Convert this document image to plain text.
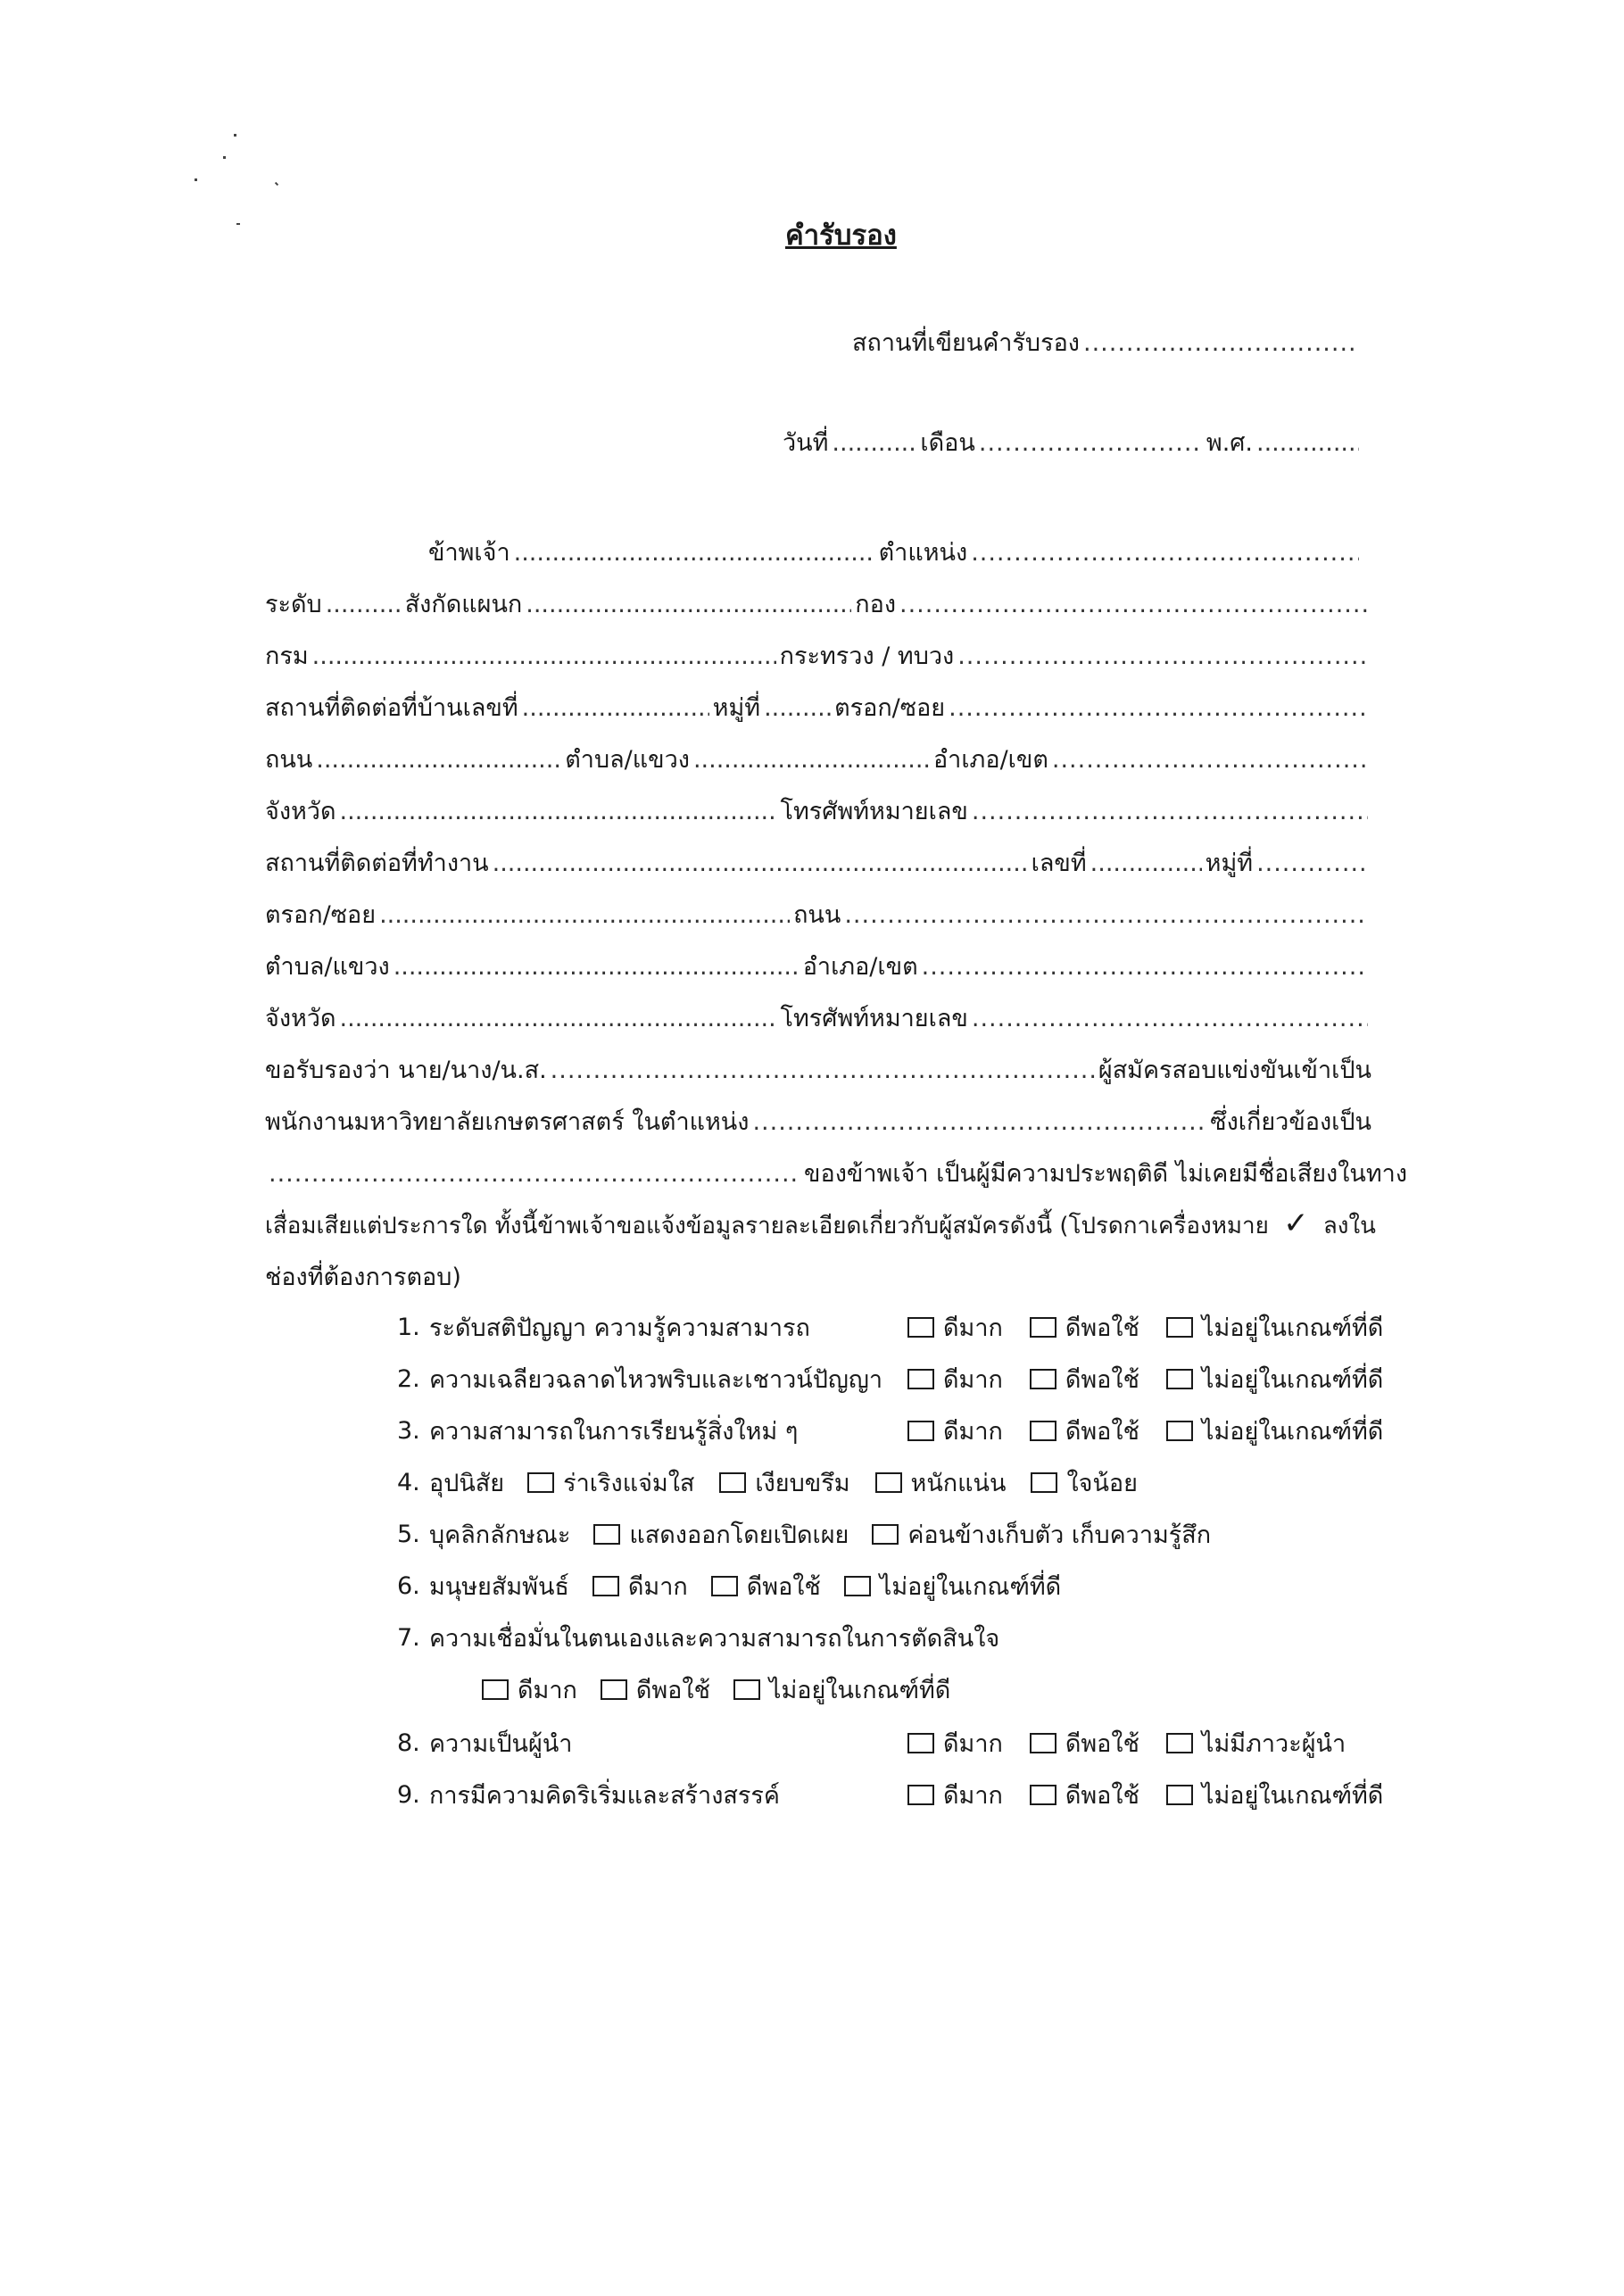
คำรับรอง
สถานที่เขียนคำรับรอง
.....
วันที่ .....	เดือน .....	พ.ศ.
.....
ข้าพเจ้า .....	ตำแหน่ง
.....
ระดับ .....	สังกัดแผนก .....	กอง
.....
กรม .....	กระทรวง / ทบวง
.....
สถานที่ติดต่อที่บ้านเลขที่ .....	หมู่ที่ .....	ตรอก/ซอย
.....
ถนน .....	ตำบล/แขวง .....	อำเภอ/เขต
.....
จังหวัด .....	โทรศัพท์หมายเลข
.....
สถานที่ติดต่อที่ทำงาน .....	เลขที่ .....	หมู่ที่
.....
ตรอก/ซอย .....	ถนน
.....
ตำบล/แขวง .....	อำเภอ/เขต
.....
จังหวัด .....	โทรศัพท์หมายเลข
.....
ขอรับรองว่า นาย/นาง/น.ส. .....	ผู้สมัครสอบแข่งขันเข้าเป็น
พนักงานมหาวิทยาลัยเกษตรศาสตร์ ในตำแหน่ง .....	ซึ่งเกี่ยวข้องเป็น
.....
ของข้าพเจ้า เป็นผู้มีความประพฤติดี ไม่เคยมีชื่อเสียงในทาง
เสื่อมเสียแต่ประการใด ทั้งนี้ข้าพเจ้าขอแจ้งข้อมูลรายละเอียดเกี่ยวกับผู้สมัครดังนี้ (โปรดกาเครื่องหมาย ✓ ลงใน
ช่องที่ต้องการตอบ)
1. ระดับสติปัญญา ความรู้ความสามารถ	ดีมาก	ดีพอใช้	ไม่อยู่ในเกณฑ์ที่ดี
2. ความเฉลียวฉลาดไหวพริบและเชาวน์ปัญญา	ดีมาก	ดีพอใช้	ไม่อยู่ในเกณฑ์ที่ดี
3. ความสามารถในการเรียนรู้สิ่งใหม่ ๆ	ดีมาก	ดีพอใช้	ไม่อยู่ในเกณฑ์ที่ดี
4. อุปนิสัย ร่าเริงแจ่มใส	เงียบขรึม	หนักแน่น	ใจน้อย
5. บุคลิกลักษณะ แสดงออกโดยเปิดเผย ค่อนข้างเก็บตัว เก็บความรู้สึก
6. มนุษยสัมพันธ์ ดีมาก ดีพอใช้ ไม่อยู่ในเกณฑ์ที่ดี
7. ความเชื่อมั่นในตนเองและความสามารถในการตัดสินใจ
ดีมาก ดีพอใช้ ไม่อยู่ในเกณฑ์ที่ดี
8. ความเป็นผู้นำ	ดีมาก	ดีพอใช้	ไม่มีภาวะผู้นำ
9. การมีความคิดริเริ่มและสร้างสรรค์	ดีมาก	ดีพอใช้	ไม่อยู่ในเกณฑ์ที่ดี
